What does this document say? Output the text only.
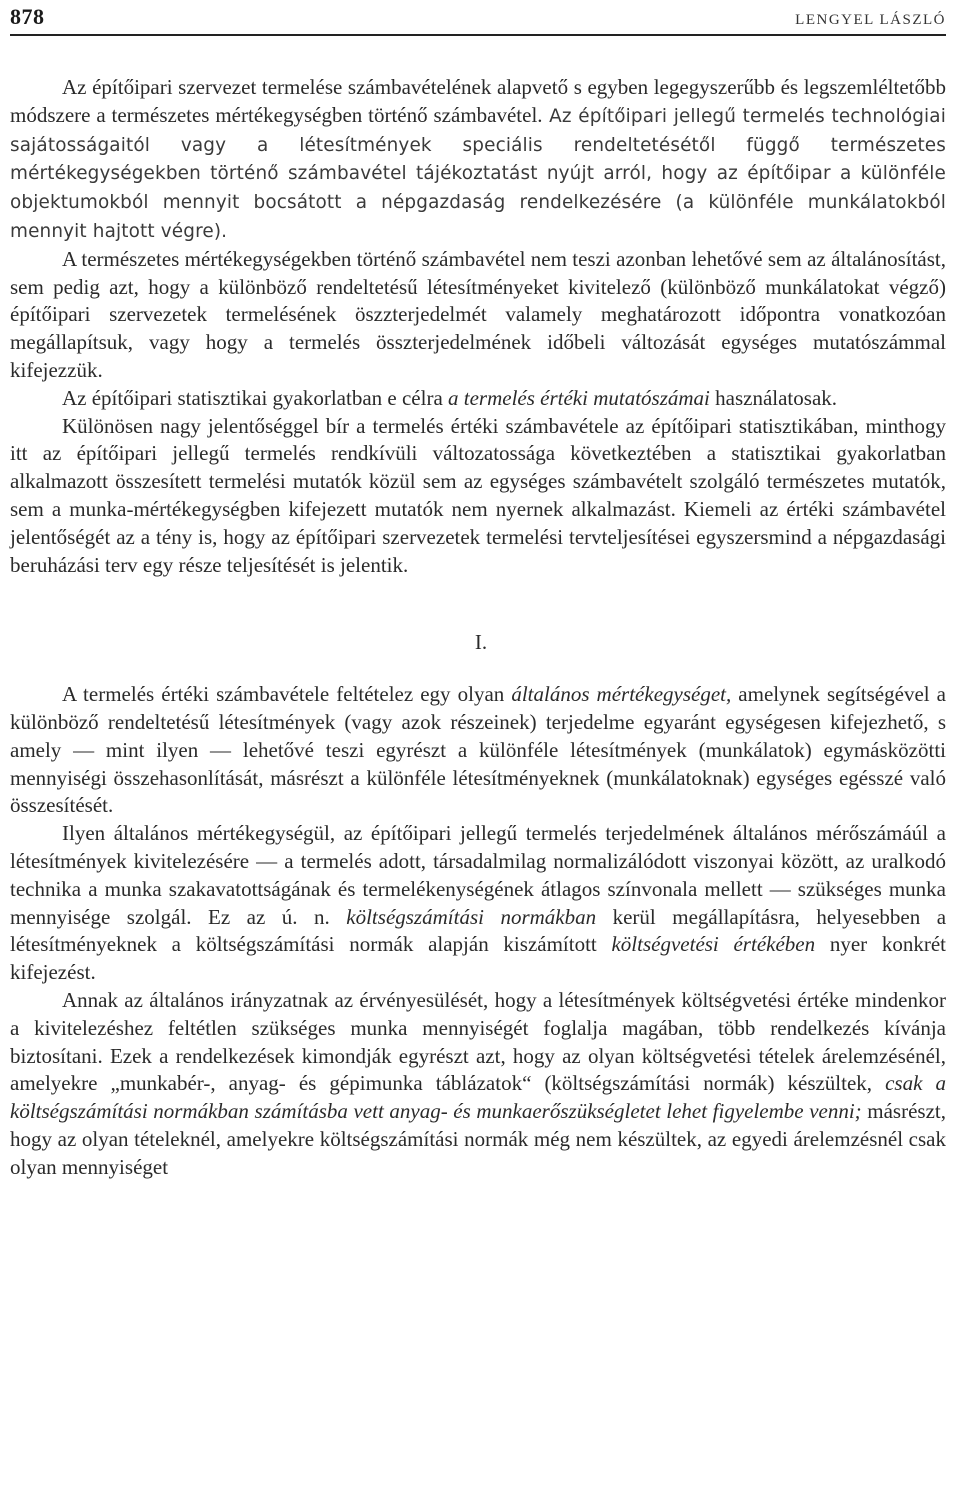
878	LENGYEL LÁSZLÓ

Az építőipari szervezet termelése számbavételének alapvető s egyben legegyszerűbb és legszemléltetőbb módszere a természetes mértékegységben történő számbavétel. Az építőipari jellegű termelés technológiai sajátosságaitól vagy a létesítmények speciális rendeltetésétől függő természetes mértékegységekben történő számbavétel tájékoztatást nyújt arról, hogy az építőipar a különféle objektumokból mennyit bocsátott a népgazdaság rendelkezésére (a különféle munkálatokból mennyit hajtott végre).

A természetes mértékegységekben történő számbavétel nem teszi azonban lehetővé sem az általánosítást, sem pedig azt, hogy a különböző rendeltetésű létesítményeket kivitelező (különböző munkálatokat végző) építőipari szervezetek termelésének öszzterjedelmét valamely meghatározott időpontra vonatkozóan megállapítsuk, vagy hogy a termelés összterjedelmének időbeli változását egységes mutatószámmal kifejezzük.

Az építőipari statisztikai gyakorlatban e célra a termelés értéki mutatószámai használatosak.

Különösen nagy jelentőséggel bír a termelés értéki számbavétele az építőipari statisztikában, minthogy itt az építőipari jellegű termelés rendkívüli változatossága következtében a statisztikai gyakorlatban alkalmazott összesített termelési mutatók közül sem az egységes számbavételt szolgáló természetes mutatók, sem a munka-mértékegységben kifejezett mutatók nem nyernek alkalmazást. Kiemeli az értéki számbavétel jelentőségét az a tény is, hogy az építőipari szervezetek termelési tervteljesítései egyszersmind a népgazdasági beruházási terv egy része teljesítését is jelentik.

I.

A termelés értéki számbavétele feltételez egy olyan általános mértékegységet, amelynek segítségével a különböző rendeltetésű létesítmények (vagy azok részeinek) terjedelme egyaránt egységesen kifejezhető, s amely — mint ilyen — lehetővé teszi egyrészt a különféle létesítmények (munkálatok) egymásközötti mennyiségi összehasonlítását, másrészt a különféle létesítményeknek (munkálatoknak) egységes egésszé való összesítését.

Ilyen általános mértékegységül, az építőipari jellegű termelés terjedelmének általános mérőszámáúl a létesítmények kivitelezésére — a termelés adott, társadalmilag normalizálódott viszonyai között, az uralkodó technika a munka szakavatottságának és termelékenységének átlagos színvonala mellett — szükséges munka mennyisége szolgál. Ez az ú. n. költségszámítási normákban kerül megállapításra, helyesebben a létesítményeknek a költségszámítási normák alapján kiszámított költségvetési értékében nyer konkrét kifejezést.

Annak az általános irányzatnak az érvényesülését, hogy a létesítmények költségvetési értéke mindenkor a kivitelezéshez feltétlen szükséges munka mennyiségét foglalja magában, több rendelkezés kívánja biztosítani. Ezek a rendelkezések kimondják egyrészt azt, hogy az olyan költségvetési tételek árelemzésénél, amelyekre „munkabér-, anyag- és gépimunka táblázatok“ (költségszámítási normák) készültek, csak a költségszámítási normákban számításba vett anyag- és munkaerőszükségletet lehet figyelembe venni; másrészt, hogy az olyan tételeknél, amelyekre költségszámítási normák még nem készültek, az egyedi árelemzésnél csak olyan mennyiséget
